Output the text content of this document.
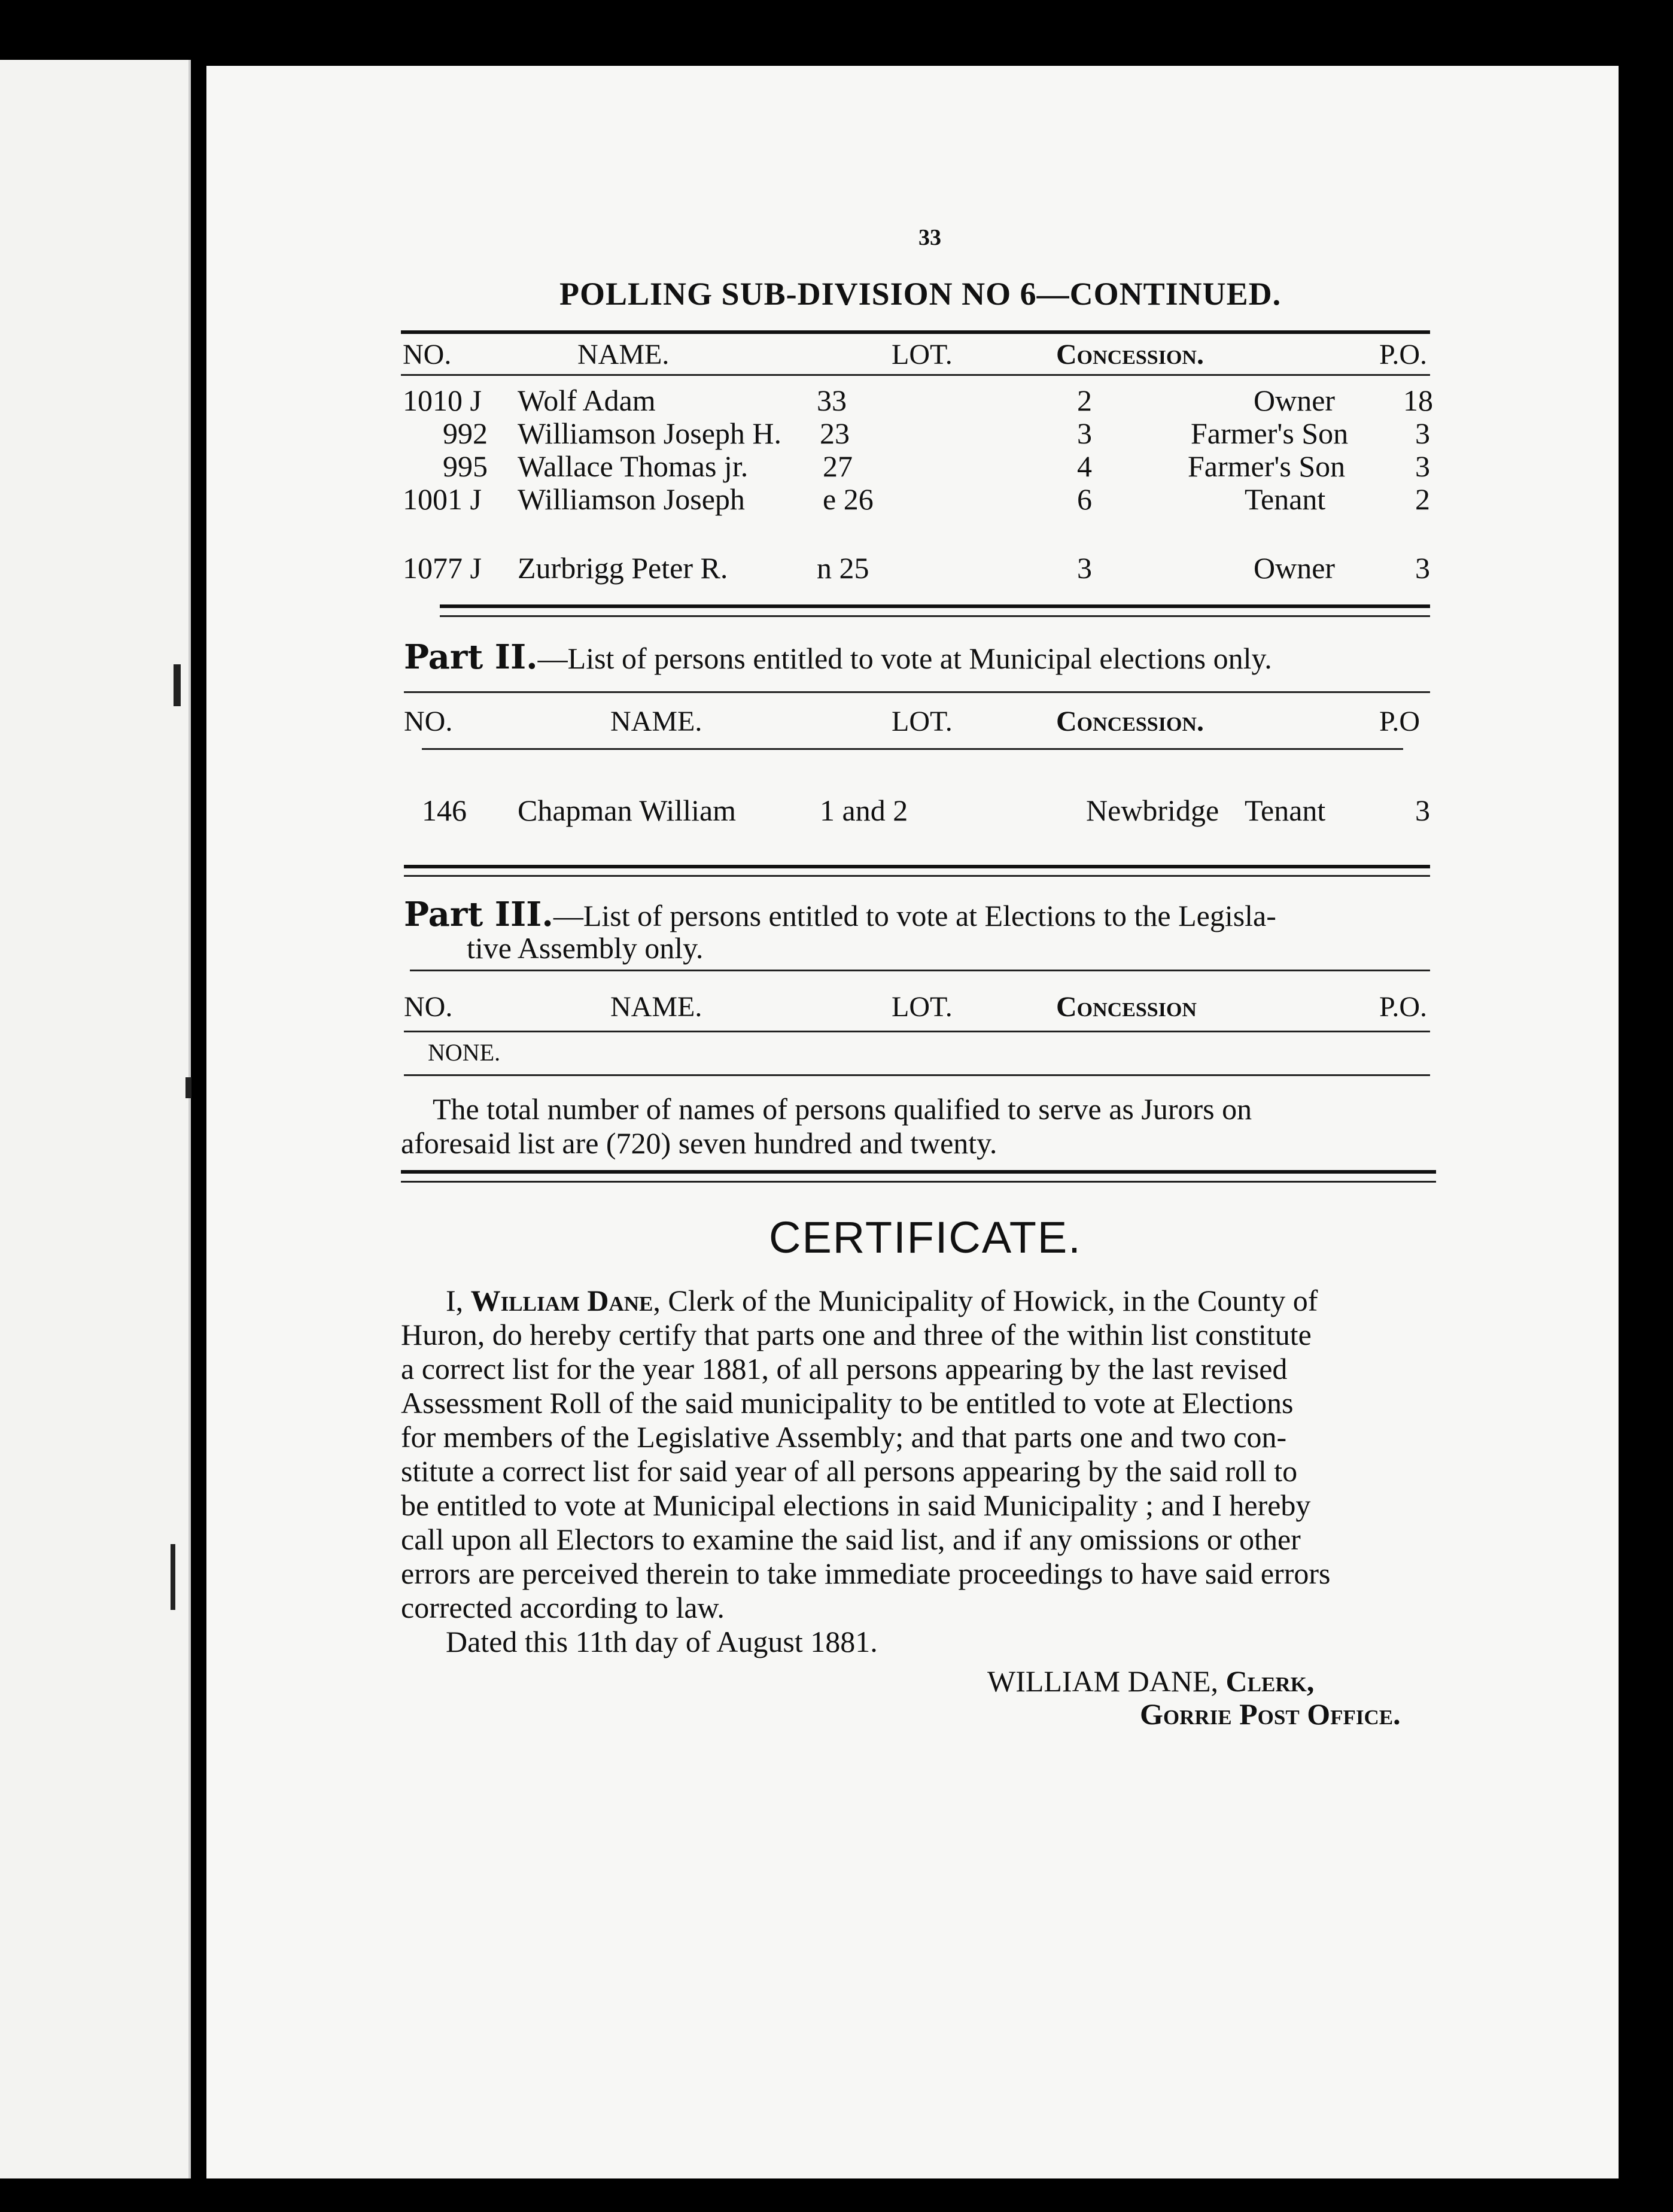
33
POLLING SUB-DIVISION NO 6—CONTINUED.
NO.	NAME.	LOT.	Concession.	P.O.
1010 J Wolf Adam	33	2	Owner 18
992 Williamson Joseph H. 23	3	Farmer's Son 3
995 Wallace Thomas jr. 27	4	Farmer's Son 3
1001 J Williamson Joseph	e 26	6	Tenant	2
1077 J Zurbrigg Peter R.	n 25	3	Owner	3
Part II.—List of persons entitled to vote at Municipal elections only.
NO.	NAME.	LOT.	Concession.	P.O
146 Chapman William	1 and 2	Newbridge Tenant	3
Part III.—List of persons entitled to vote at Elections to the Legisla-
tive Assembly only.
NO.	NAME.	LOT.	Concession	P.O.
NONE.
The total number of names of persons qualified to serve as Jurors on
aforesaid list are (720) seven hundred and twenty.
CERTIFICATE.
I, William Dane, Clerk of the Municipality of Howick, in the County of
Huron, do hereby certify that parts one and three of the within list constitute
a correct list for the year 1881, of all persons appearing by the last revised
Assessment Roll of the said municipality to be entitled to vote at Elections
for members of the Legislative Assembly; and that parts one and two con-
stitute a correct list for said year of all persons appearing by the said roll to
be entitled to vote at Municipal elections in said Municipality ; and I hereby
call upon all Electors to examine the said list, and if any omissions or other
errors are perceived therein to take immediate proceedings to have said errors
corrected according to law.
Dated this 11th day of August 1881.
WILLIAM DANE, Clerk,
Gorrie Post Office.
